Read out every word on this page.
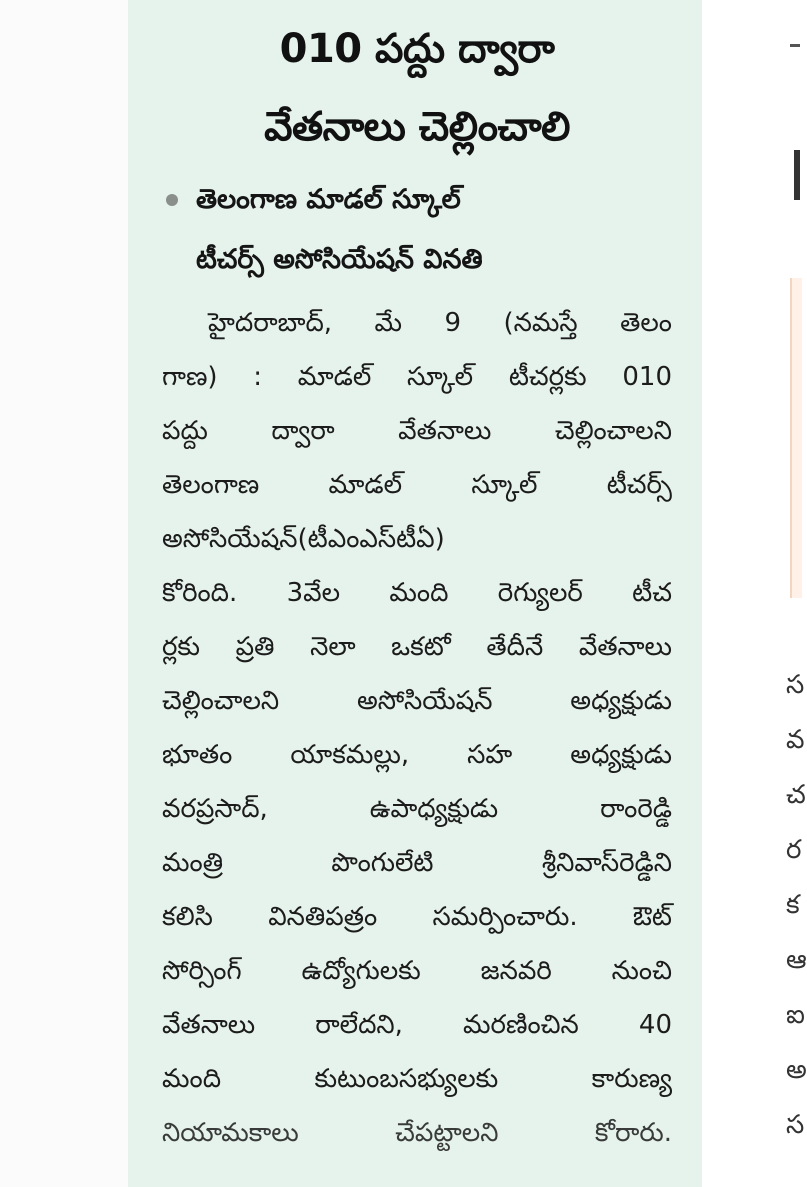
010 పద్దు ద్వారా
వేతనాలు చెల్లించాలి
తెలంగాణ మాడల్ స్కూల్
టీచర్స్ అసోసియేషన్ వినతి
హైదరాబాద్, మే 9 (నమస్తే తెలం
గాణ) : మాడల్ స్కూల్ టీచర్లకు 010
పద్దు ద్వారా వేతనాలు చెల్లించాలని
తెలంగాణ మాడల్ స్కూల్ టీచర్స్
అసోసియేషన్(టీఎంఎస్‌టీఏ)
కోరింది. 3వేల మంది రెగ్యులర్ టీచ
ర్లకు ప్రతి నెలా ఒకటో తేదీనే వేతనాలు
చెల్లించాలని అసోసియేషన్ అధ్యక్షుడు
భూతం యాకమల్లు, సహ అధ్యక్షుడు
వరప్రసాద్, ఉపాధ్యక్షుడు రాంరెడ్డి
మంత్రి పొంగులేటి శ్రీనివాస్‌రెడ్డిని
కలిసి వినతిపత్రం సమర్పించారు. ఔట్
సోర్సింగ్ ఉద్యోగులకు జనవరి నుంచి
వేతనాలు రాలేదని, మరణించిన 40
మంది కుటుంబసభ్యులకు కారుణ్య
నియామకాలు చేపట్టాలని కోరారు.
స
వ
చ
ర
క
ఆ
ఐ
అ
స
